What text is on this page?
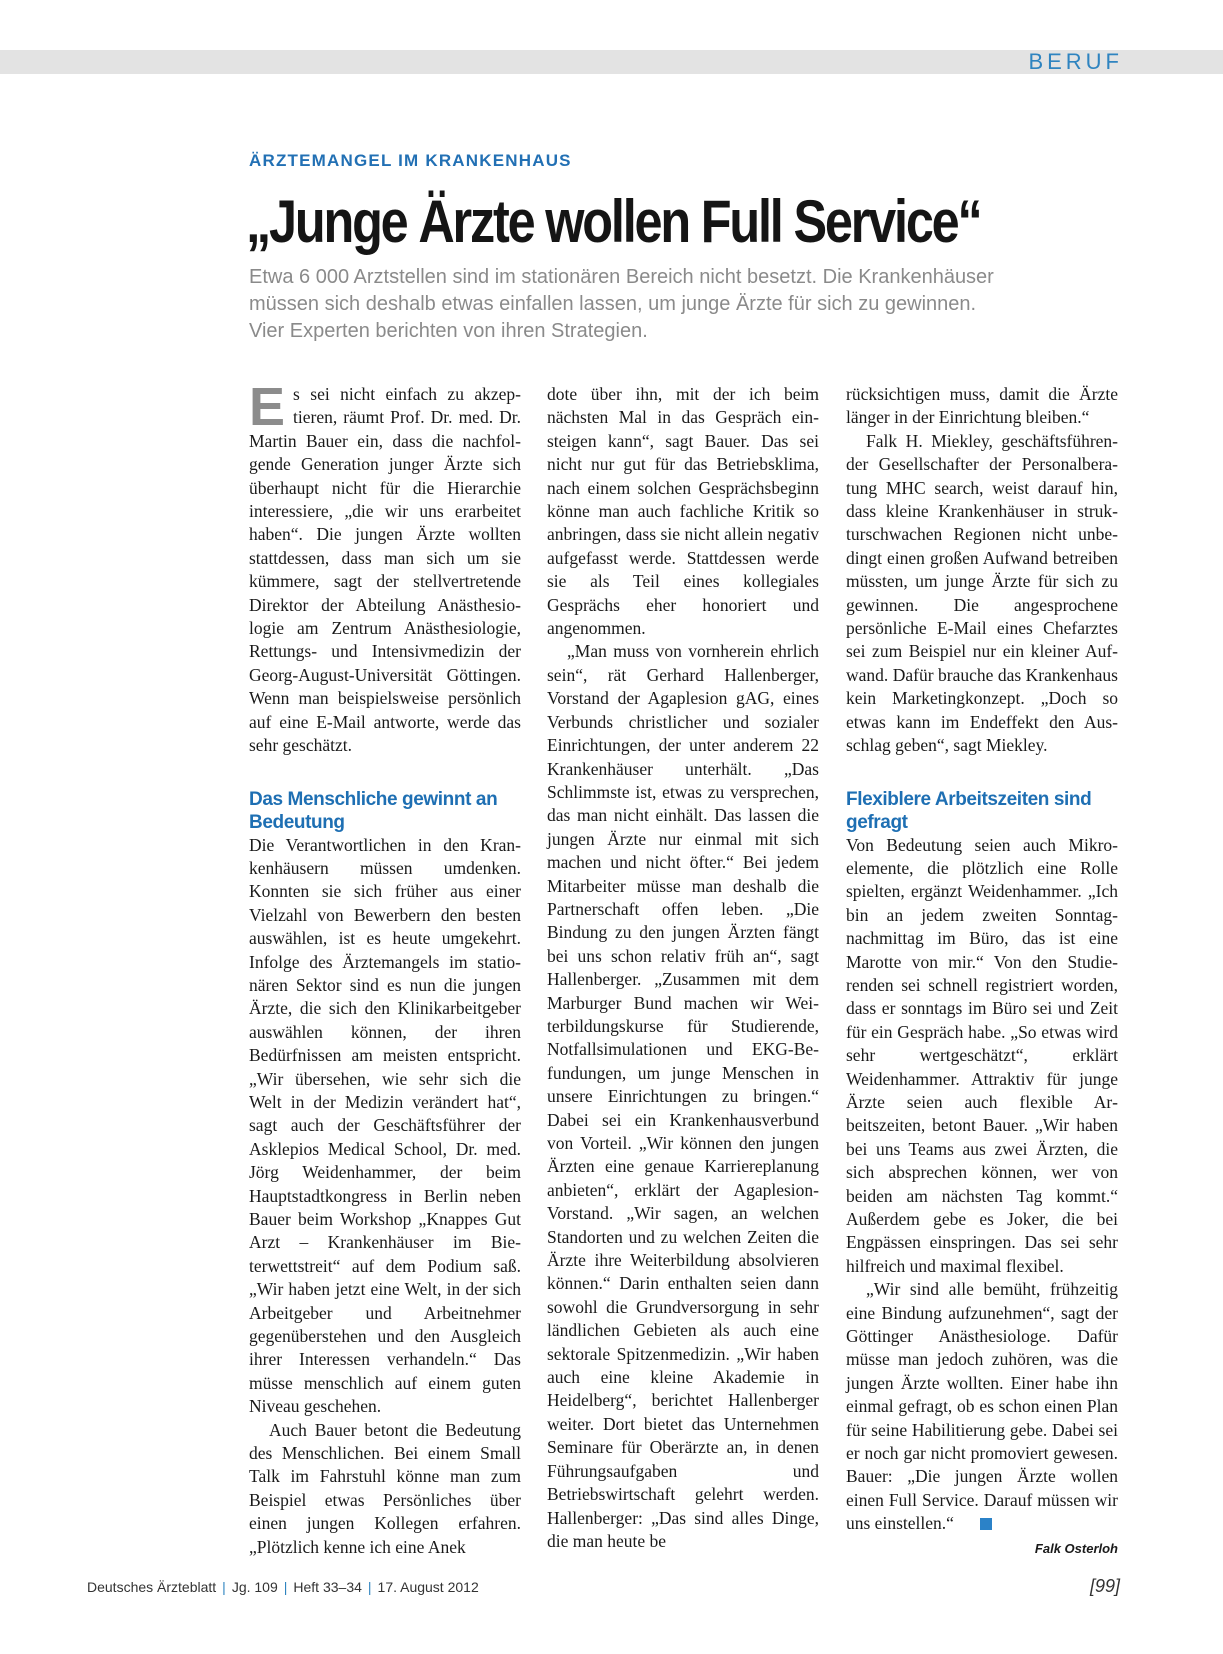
BERUF
ÄRZTEMANGEL IM KRANKENHAUS
„Junge Ärzte wollen Full Service“

Etwa 6 000 Arztstellen sind im stationären Bereich nicht besetzt. Die Krankenhäuser

müssen sich deshalb etwas einfallen lassen, um junge Ärzte für sich zu gewinnen.

Vier Experten berichten von ihren Strategien.

Es sei nicht einfach zu akzeptieren, räumt Prof. Dr. med. Dr. Martin Bauer ein, dass die nachfolgende Generation junger Ärzte sich überhaupt nicht für die Hierarchie interessiere, „die wir uns erarbeitet haben“. Die jungen Ärzte wollten stattdessen, dass man sich um sie kümmere, sagt der stellvertretende Direktor der Abteilung Anästhesiologie am Zentrum Anästhesiologie, Rettungs- und Intensivmedizin der Georg-August-Universität Göttingen. Wenn man beispielsweise persönlich auf eine E-Mail antworte, werde das sehr geschätzt.

Das Menschliche gewinnt an Bedeutung

Die Verantwortlichen in den Krankenhäusern müssen umdenken. Konnten sie sich früher aus einer Vielzahl von Bewerbern den besten auswählen, ist es heute umgekehrt. Infolge des Ärztemangels im stationären Sektor sind es nun die jungen Ärzte, die sich den Klinikarbeitgeber auswählen können, der ihren Bedürfnissen am meisten entspricht. „Wir übersehen, wie sehr sich die Welt in der Medizin verändert hat“, sagt auch der Geschäftsführer der Asklepios Medical School, Dr. med. Jörg Weidenhammer, der beim Hauptstadtkongress in Berlin neben Bauer beim Workshop „Knappes Gut Arzt – Krankenhäuser im Bieterwettstreit“ auf dem Podium saß. „Wir haben jetzt eine Welt, in der sich Arbeitgeber und Arbeitnehmer gegenüberstehen und den Ausgleich ihrer Interessen verhandeln.“ Das müsse menschlich auf einem guten Niveau geschehen.

Auch Bauer betont die Bedeutung des Menschlichen. Bei einem Small Talk im Fahrstuhl könne man zum Beispiel etwas Persönliches über einen jungen Kollegen erfahren. „Plötzlich kenne ich eine Anek

dote über ihn, mit der ich beim nächsten Mal in das Gespräch einsteigen kann“, sagt Bauer. Das sei nicht nur gut für das Betriebsklima, nach einem solchen Gesprächsbeginn könne man auch fachliche Kritik so anbringen, dass sie nicht allein negativ aufgefasst werde. Stattdessen werde sie als Teil eines kollegiales Gesprächs eher honoriert und angenommen.

„Man muss von vornherein ehrlich sein“, rät Gerhard Hallenberger, Vorstand der Agaplesion gAG, eines Verbunds christlicher und sozialer Einrichtungen, der unter anderem 22 Krankenhäuser unterhält. „Das Schlimmste ist, etwas zu versprechen, das man nicht einhält. Das lassen die jungen Ärzte nur einmal mit sich machen und nicht öfter.“ Bei jedem Mitarbeiter müsse man deshalb die Partnerschaft offen leben. „Die Bindung zu den jungen Ärzten fängt bei uns schon relativ früh an“, sagt Hallenberger. „Zusammen mit dem Marburger Bund machen wir Weiterbildungskurse für Studierende, Notfallsimulationen und EKG-Befundungen, um junge Menschen in unsere Einrichtungen zu bringen.“ Dabei sei ein Krankenhausverbund von Vorteil. „Wir können den jungen Ärzten eine genaue Karriereplanung anbieten“, erklärt der Agaplesion-Vorstand. „Wir sagen, an welchen Standorten und zu welchen Zeiten die Ärzte ihre Weiterbildung absolvieren können.“ Darin enthalten seien dann sowohl die Grundversorgung in sehr ländlichen Gebieten als auch eine sektorale Spitzenmedizin. „Wir haben auch eine kleine Akademie in Heidelberg“, berichtet Hallenberger weiter. Dort bietet das Unternehmen Seminare für Oberärzte an, in denen Führungsaufgaben und Betriebswirtschaft gelehrt werden. Hallenberger: „Das sind alles Dinge, die man heute be

rücksichtigen muss, damit die Ärzte länger in der Einrichtung bleiben.“

Falk H. Miekley, geschäftsführender Gesellschafter der Personalberatung MHC search, weist darauf hin, dass kleine Krankenhäuser in strukturschwachen Regionen nicht unbedingt einen großen Aufwand betreiben müssten, um junge Ärzte für sich zu gewinnen. Die angesprochene persönliche E-Mail eines Chefarztes sei zum Beispiel nur ein kleiner Aufwand. Dafür brauche das Krankenhaus kein Marketingkonzept. „Doch so etwas kann im Endeffekt den Ausschlag geben“, sagt Miekley.

Flexiblere Arbeitszeiten sind gefragt

Von Bedeutung seien auch Mikroelemente, die plötzlich eine Rolle spielten, ergänzt Weidenhammer. „Ich bin an jedem zweiten Sonntagnachmittag im Büro, das ist eine Marotte von mir.“ Von den Studierenden sei schnell registriert worden, dass er sonntags im Büro sei und Zeit für ein Gespräch habe. „So etwas wird sehr wertgeschätzt“, erklärt Weidenhammer. Attraktiv für junge Ärzte seien auch flexible Arbeitszeiten, betont Bauer. „Wir haben bei uns Teams aus zwei Ärzten, die sich absprechen können, wer von beiden am nächsten Tag kommt.“ Außerdem gebe es Joker, die bei Engpässen einspringen. Das sei sehr hilfreich und maximal flexibel.

„Wir sind alle bemüht, frühzeitig eine Bindung aufzunehmen“, sagt der Göttinger Anästhesiologe. Dafür müsse man jedoch zuhören, was die jungen Ärzte wollten. Einer habe ihn einmal gefragt, ob es schon einen Plan für seine Habilitierung gebe. Dabei sei er noch gar nicht promoviert gewesen. Bauer: „Die jungen Ärzte wollen einen Full Service. Darauf müssen wir uns einstellen.“

Falk Osterloh
Deutsches Ärzteblatt | Jg. 109 | Heft 33–34 | 17. August 2012	[99]
